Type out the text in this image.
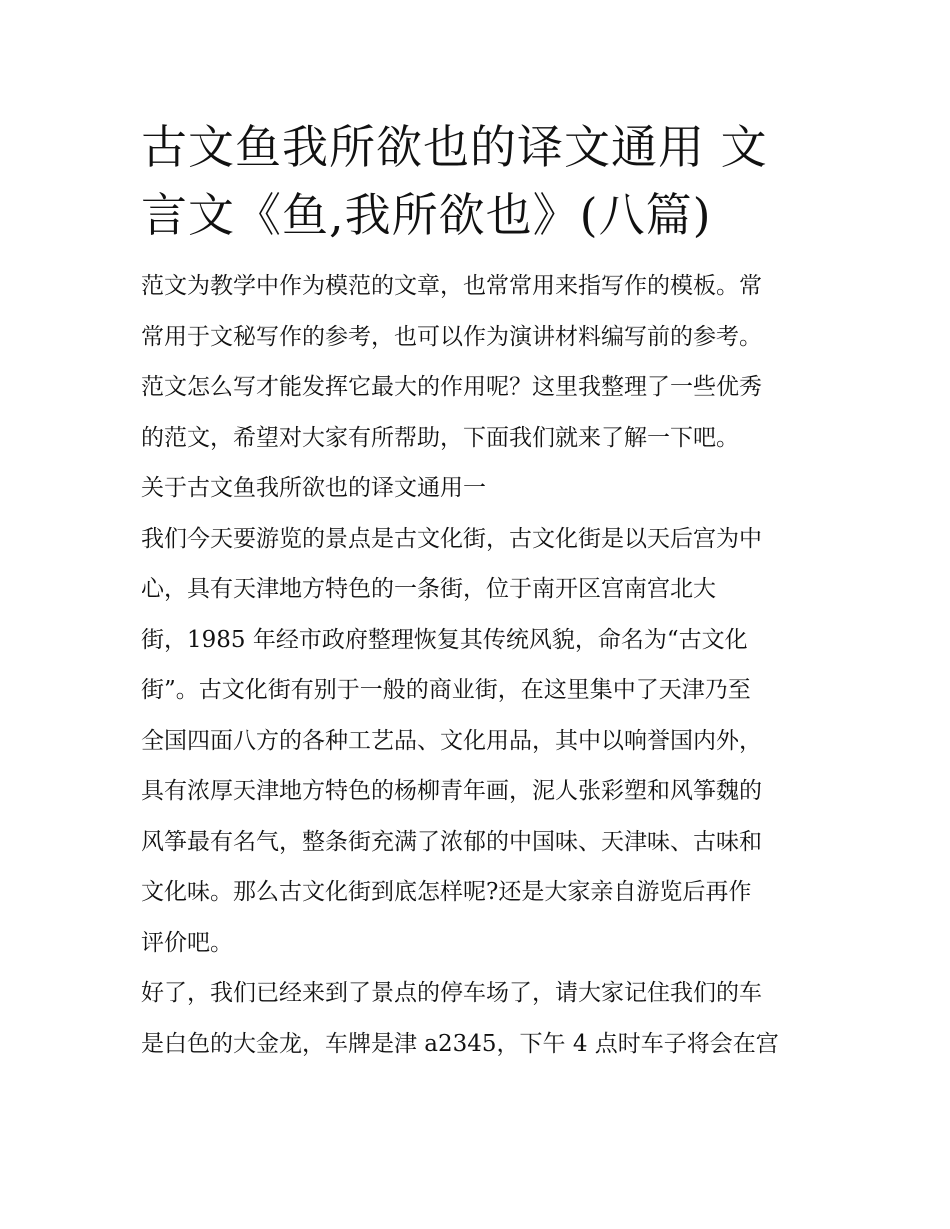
古文鱼我所欲也的译文通用 文
言文《鱼,我所欲也》(八篇)

范文为教学中作为模范的文章，也常常用来指写作的模板。常
常用于文秘写作的参考，也可以作为演讲材料编写前的参考。
范文怎么写才能发挥它最大的作用呢？这里我整理了一些优秀
的范文，希望对大家有所帮助，下面我们就来了解一下吧。

关于古文鱼我所欲也的译文通用一

我们今天要游览的景点是古文化街，古文化街是以天后宫为中
心，具有天津地方特色的一条街，位于南开区宫南宫北大
街，1985 年经市政府整理恢复其传统风貌，命名为“古文化
街”。古文化街有别于一般的商业街，在这里集中了天津乃至
全国四面八方的各种工艺品、文化用品，其中以响誉国内外，
具有浓厚天津地方特色的杨柳青年画，泥人张彩塑和风筝魏的
风筝最有名气，整条街充满了浓郁的中国味、天津味、古味和
文化味。那么古文化街到底怎样呢?还是大家亲自游览后再作
评价吧。

好了，我们已经来到了景点的停车场了，请大家记住我们的车
是白色的大金龙，车牌是津 a2345，下午 4 点时车子将会在宫
